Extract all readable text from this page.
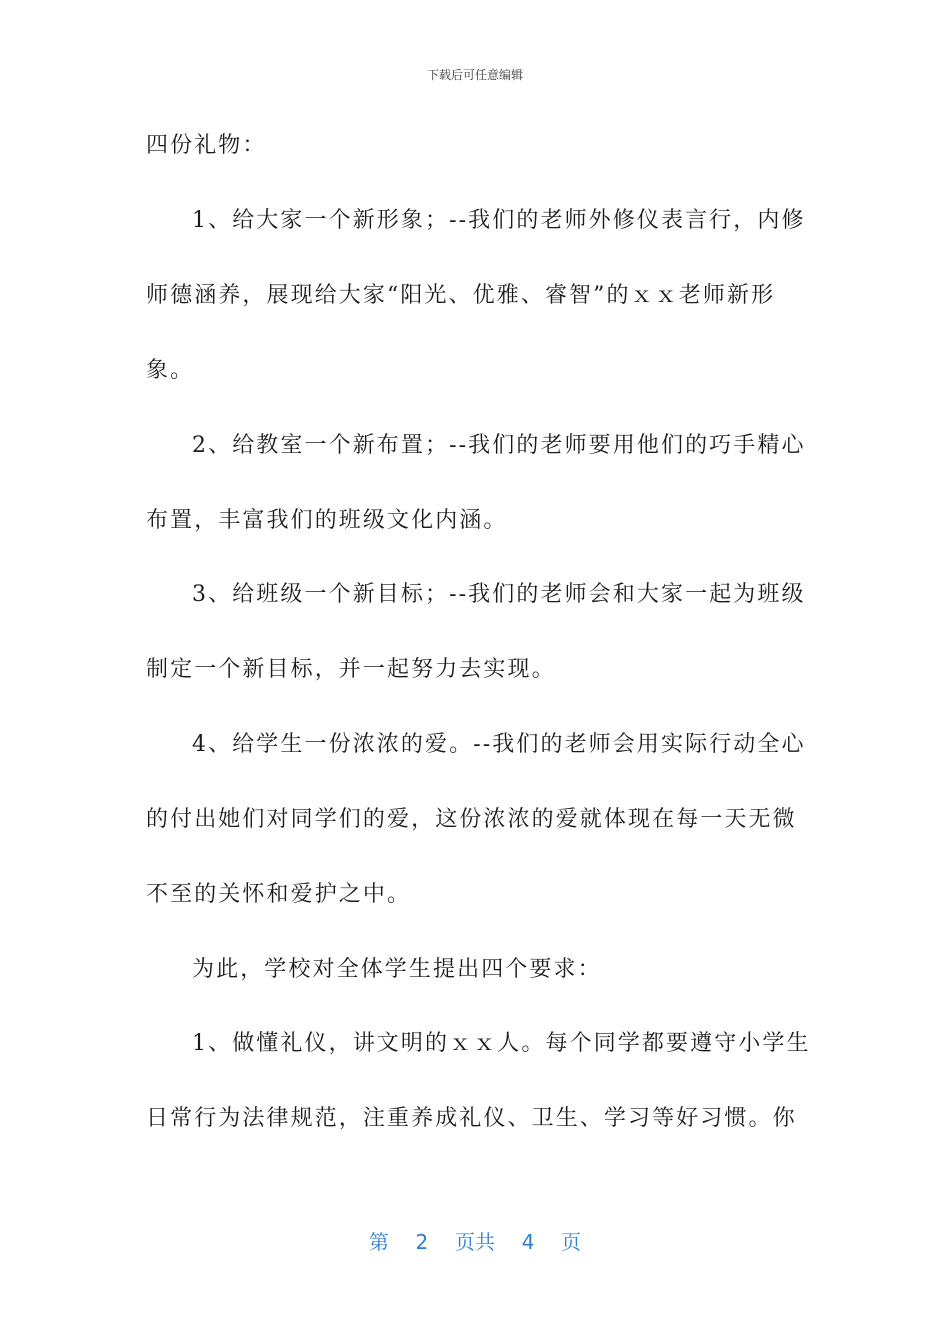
下载后可任意编辑
四份礼物：
1、给大家一个新形象；--我们的老师外修仪表言行，内修
师德涵养，展现给大家“阳光、优雅、睿智”的ｘｘ老师新形
象。
2、给教室一个新布置；--我们的老师要用他们的巧手精心
布置，丰富我们的班级文化内涵。
3、给班级一个新目标；--我们的老师会和大家一起为班级
制定一个新目标，并一起努力去实现。
4、给学生一份浓浓的爱。--我们的老师会用实际行动全心
的付出她们对同学们的爱，这份浓浓的爱就体现在每一天无微
不至的关怀和爱护之中。
为此，学校对全体学生提出四个要求：
1、做懂礼仪，讲文明的ｘｘ人。每个同学都要遵守小学生
日常行为法律规范，注重养成礼仪、卫生、学习等好习惯。你
第 2 页共 4 页
